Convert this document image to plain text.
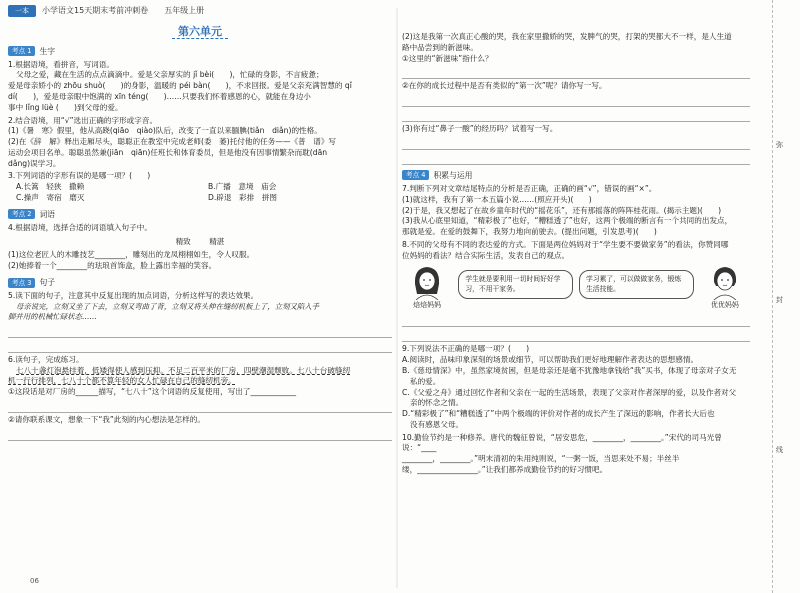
一本	小学语文15天期末考前冲刺卷 五年级上册
第六单元
考点 1	生字

1.根据语境，看拼音，写词语。

父母之爱，藏在生活的点点滴滴中。爱是父亲厚实的 jǐ bèi(　　)，忙碌的身影，不言疲惫；

爱是母亲娇小的 zhōu shuò(　　)的身影，温暖的 péi bàn(　　)，不求回报。爱是父亲充满智慧的 qǐ

dí(　　)，爱是母亲眼中饱满的 xīn téng(　　)……只要我们怀着感恩的心，就能在身边小

事中 lǐng lüè (　　)到父母的爱。

2.结合语境，用“√”选出正确的字形或字音。

(1)《暑　寒》假里，他从高跷(qiāo　qiào)队后，改变了一直以来腼腆(tiǎn　diǎn)的性格。

(2)在《辞　解》释出走厢尽头，聪聪正在教室中完成老师(委　萎)托付他的任务——《普　谱》写

运动会项目名单。聪聪虽然兼(jiān　qiān)任班长和体育委员，但是他没有因事情繁杂而耽(dān

dǎng)误学习。

3.下列词语的字形有误的是哪一项？(　　)

A.长篙　轻狭　撒赖	B.广播　意境　庙会
C.操声　寄宿　磨灭	D.辟退　彩排　拼图
考点 2	词语

4.根据语境，选择合适的词语填入句子中。

精致 精湛

(1)这位老匠人的木雕技艺________，雕刻出的龙凤栩栩如生，令人叹服。

(2)她捧着一个________的珐琅首饰盒，脸上露出幸福的笑容。

考点 3	句子

5.读下面的句子，注意其中反复出现的加点词语，分析这样写的表达效果。

母亲说完，立刻又坐了下去，立刻又弯曲了背，立刻又将头伸在缝纫机板上了，立刻又陷入手

脚并用的机械忙碌状态……

6.读句子，完成练习。

七八十盏灯泡悬挂着，低矮得使人感到压抑。不足二百平米的厂房，四壁潮湿颓败。七八十台破缝纫

机一行行排列，七八十个都不算年轻的女人忙碌在自己的缝纫机旁。

①这段话是对厂房的______描写，“七八十”这个词语的反复使用，写出了____________

②请你联系课文，想象一下“我”此刻的内心想法是怎样的。

06

(2)这是我第一次真正心酸的哭，我在家里撒娇的哭，发脾气的哭，打架的哭都大不一样，是人生道

路中品尝到的新滋味。

①这里的“新滋味”指什么？

②在你的成长过程中是否有类似的“第一次”呢？请你写一写。

(3)你有过“鼻子一酸”的经历吗？试着写一写。

考点 4	积累与运用

7.判断下列对文章结尾特点的分析是否正确，正确的画“√”，错误的画“×”。

(1)就这样，我有了第一本五篇小说……(照应开头)(　　)

(2)于是，我又想起了在故乡童年时代的“摇花乐”，还有那摇落的阵阵桂花雨。(揭示主题)(　　)

(3)我从心底里知道，“精彩极了”也好，“糟糕透了”也好，这两个极端的断言有一个共同的出发点，

那就是爱。在爱的鼓舞下，我努力地向前驶去。(提出问题，引发思考)(　　)

8.不同的父母有不同的表达爱的方式。下面是两位妈妈对于“学生要不要做家务”的看法，你赞同哪

位妈妈的看法？结合实际生活，发表自己的观点。

焙焙妈妈
学生就是要利用一切时间好好学习，不用干家务。
学习累了，可以做做家务，锻炼生活技能。
优优妈妈

9.下列说法不正确的是哪一项？(　　)

A.阅读时，品味印象深刻的场景或细节，可以帮助我们更好地理解作者表达的思想感情。

B.《慈母情深》中，虽然家境贫困，但是母亲还是毫不犹豫地拿钱给“我”买书，体现了母亲对子女无

私的爱。

C.《父爱之舟》通过回忆作者和父亲在一起的生活场景，表现了父亲对作者深厚的爱，以及作者对父

亲的怀念之情。

D.“精彩极了”和“糟糕透了”中两个极端的评价对作者的成长产生了深远的影响，作者长大后也

没有感恩父母。

10.勤俭节约是一种修养。唐代的魏征曾说，“居安思危，________，________。”宋代的司马光曾说：“____

________，________。”明末清初的朱用纯则说，“一粥一饭，当思来处不易；半丝半

缕，________________。”让我们都养成勤俭节约的好习惯吧。

弥
封
线
